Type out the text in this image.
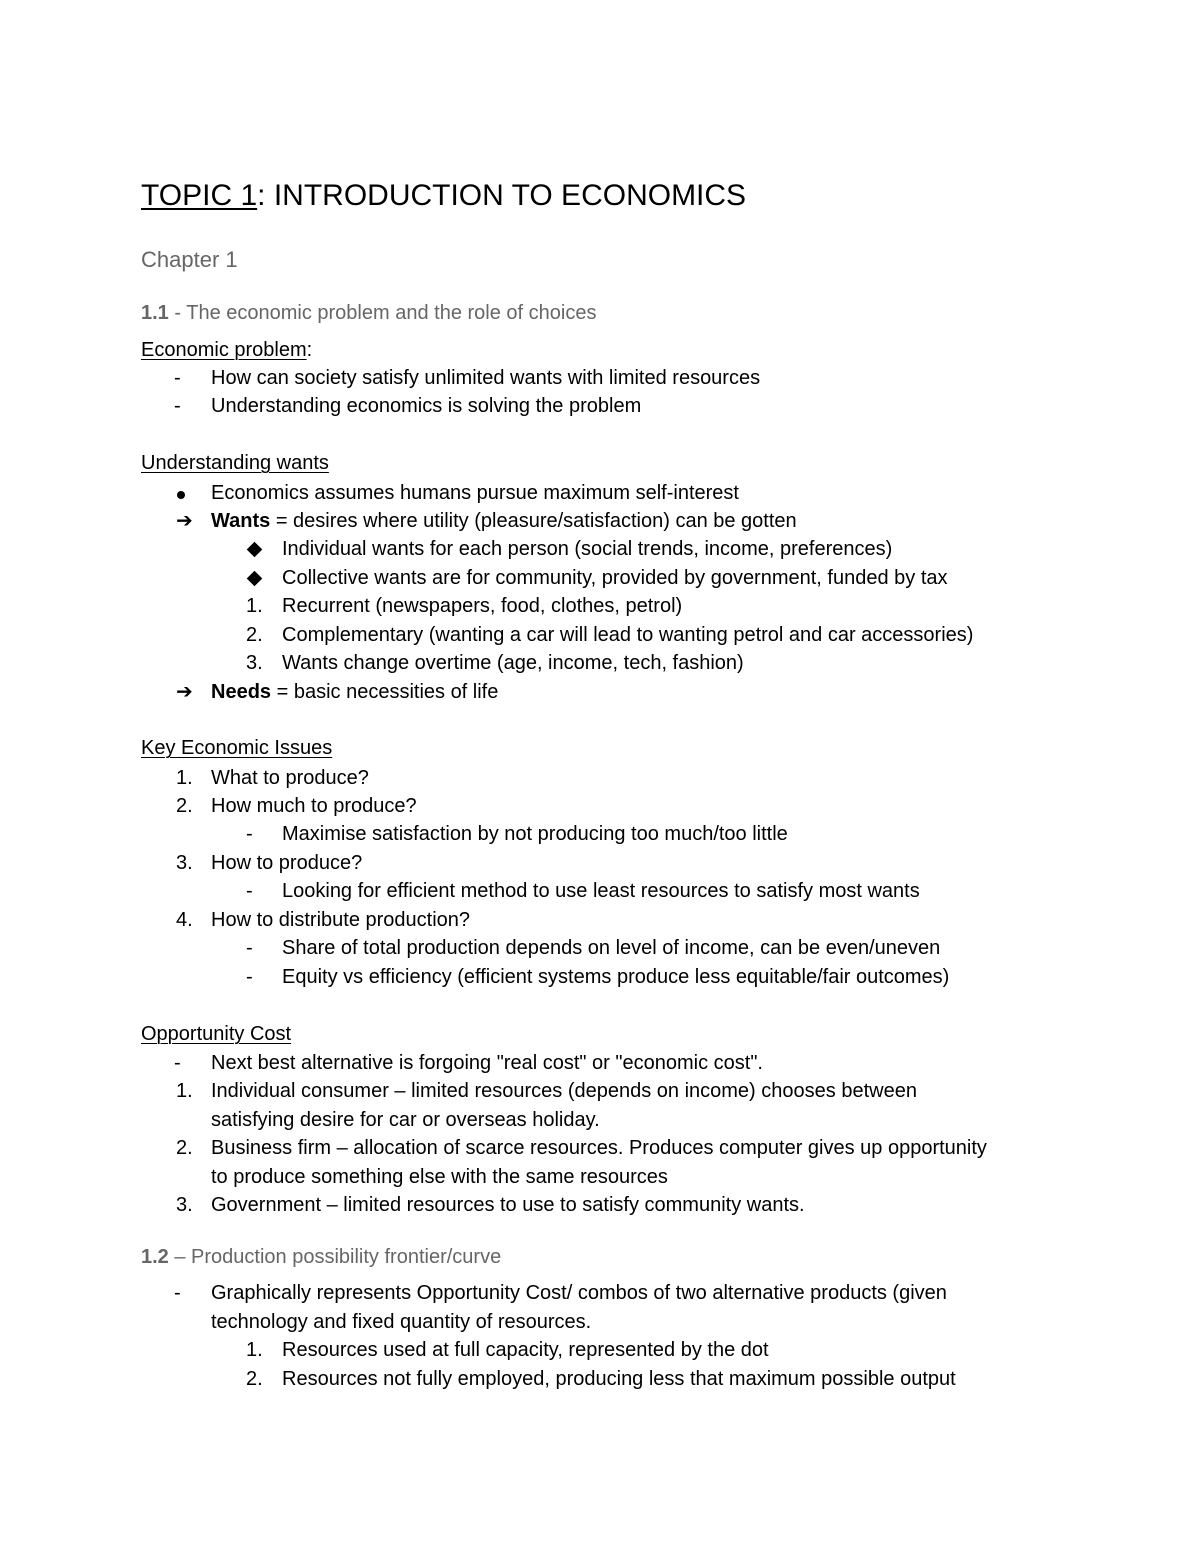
TOPIC 1: INTRODUCTION TO ECONOMICS
Chapter 1
1.1 - The economic problem and the role of choices
Economic problem:
- How can society satisfy unlimited wants with limited resources
- Understanding economics is solving the problem
Understanding wants
Economics assumes humans pursue maximum self-interest
➔ Wants = desires where utility (pleasure/satisfaction) can be gotten
Individual wants for each person (social trends, income, preferences)
Collective wants are for community, provided by government, funded by tax
1. Recurrent (newspapers, food, clothes, petrol)
2. Complementary (wanting a car will lead to wanting petrol and car accessories)
3. Wants change overtime (age, income, tech, fashion)
➔ Needs = basic necessities of life
Key Economic Issues
1. What to produce?
2. How much to produce?
- Maximise satisfaction by not producing too much/too little
3. How to produce?
- Looking for efficient method to use least resources to satisfy most wants
4. How to distribute production?
- Share of total production depends on level of income, can be even/uneven
- Equity vs efficiency (efficient systems produce less equitable/fair outcomes)
Opportunity Cost
- Next best alternative is forgoing "real cost" or "economic cost".
1. Individual consumer – limited resources (depends on income) chooses between
satisfying desire for car or overseas holiday.
2. Business firm – allocation of scarce resources. Produces computer gives up opportunity
to produce something else with the same resources
3. Government – limited resources to use to satisfy community wants.
1.2 – Production possibility frontier/curve
- Graphically represents Opportunity Cost/ combos of two alternative products (given
technology and fixed quantity of resources.
1. Resources used at full capacity, represented by the dot
2. Resources not fully employed, producing less that maximum possible output
